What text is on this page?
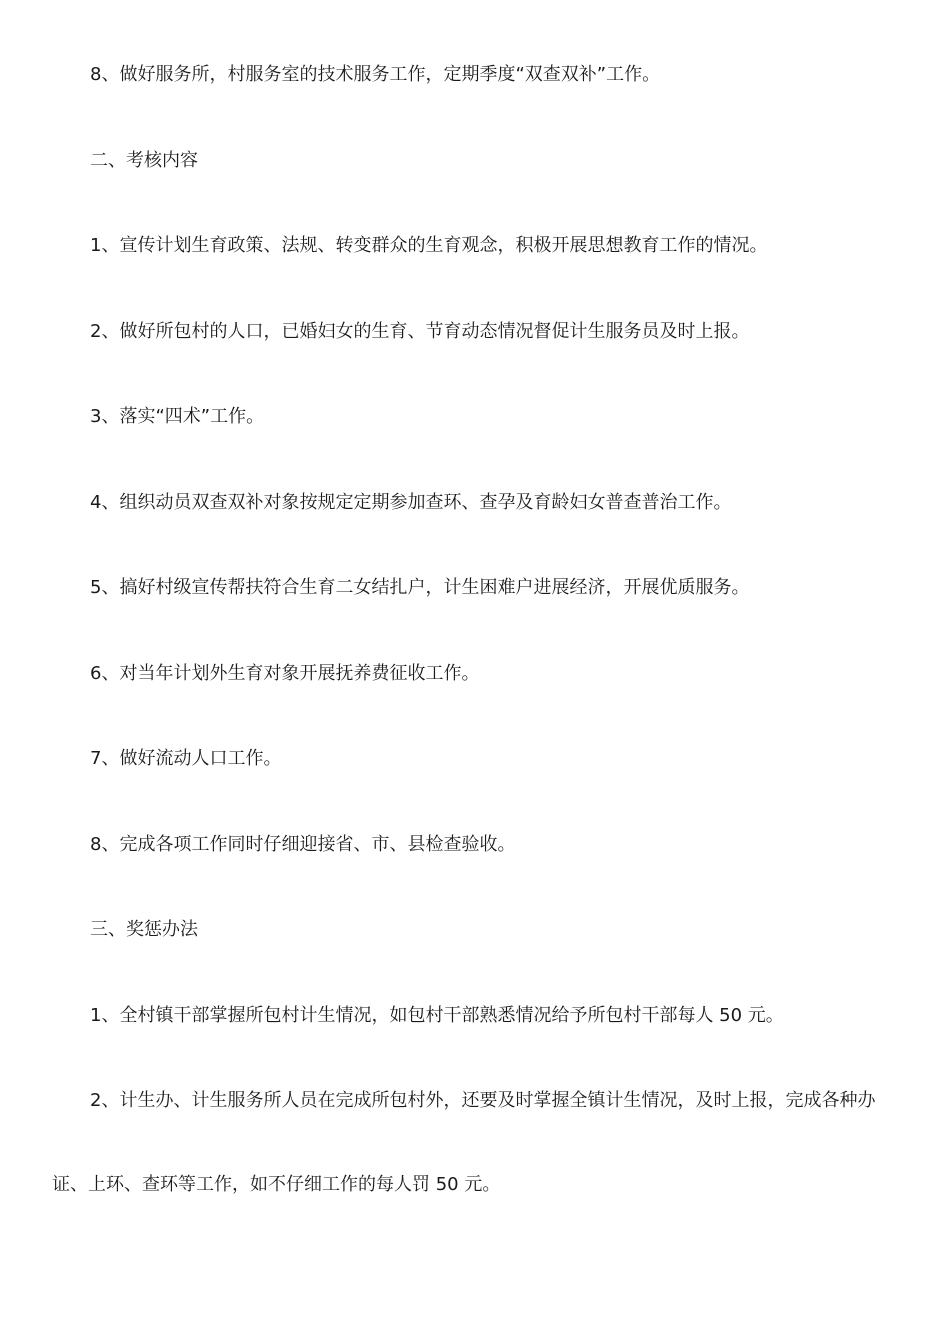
8、做好服务所，村服务室的技术服务工作，定期季度“双查双补”工作。

二、考核内容

1、宣传计划生育政策、法规、转变群众的生育观念，积极开展思想教育工作的情况。

2、做好所包村的人口，已婚妇女的生育、节育动态情况督促计生服务员及时上报。

3、落实“四术”工作。

4、组织动员双查双补对象按规定定期参加查环、查孕及育龄妇女普查普治工作。

5、搞好村级宣传帮扶符合生育二女结扎户，计生困难户进展经济，开展优质服务。

6、对当年计划外生育对象开展抚养费征收工作。

7、做好流动人口工作。

8、完成各项工作同时仔细迎接省、市、县检查验收。

三、奖惩办法

1、全村镇干部掌握所包村计生情况，如包村干部熟悉情况给予所包村干部每人 50 元。

2、计生办、计生服务所人员在完成所包村外，还要及时掌握全镇计生情况，及时上报，完成各种办证、上环、查环等工作，如不仔细工作的每人罚 50 元。
